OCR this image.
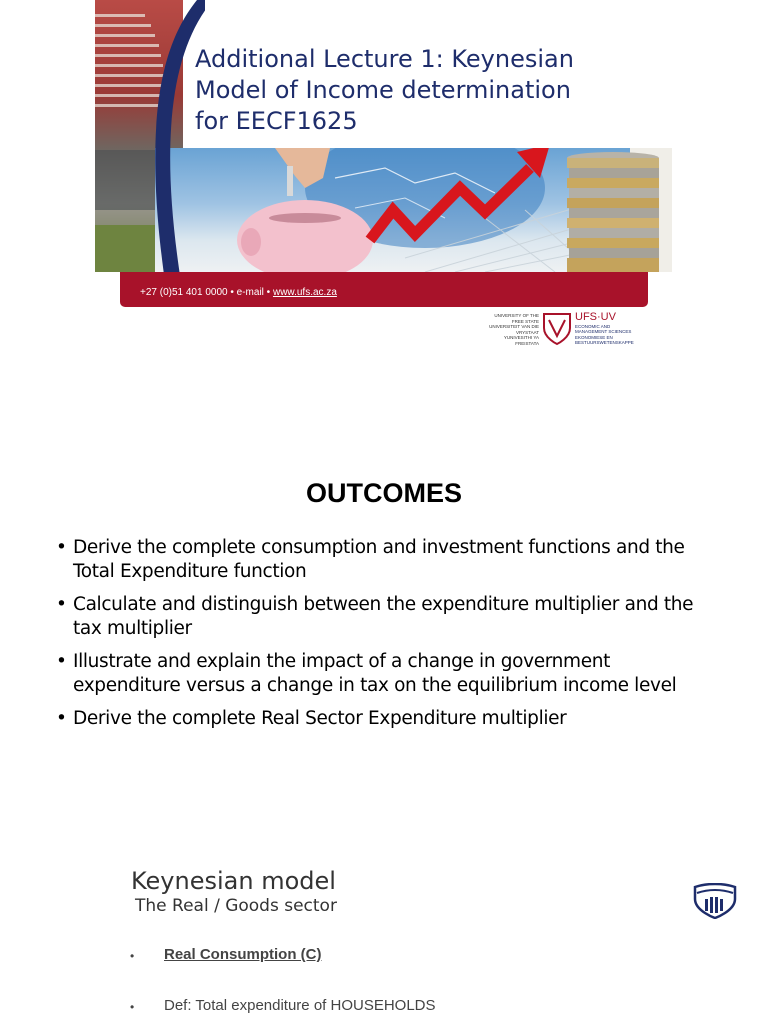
Additional Lecture 1: Keynesian
Model of Income determination
for EECF1625
+27 (0)51 401 0000 • e-mail • www.ufs.ac.za
UNIVERSITY OF THE
FREE STATE
UNIVERSITEIT VAN DIE
VRYSTAAT
YUNIVESITHI YA
FREISTATA
UFS·UV
ECONOMIC AND
MANAGEMENT SCIENCES
EKONOMIESE EN
BESTUURSWETENSKAPPE
OUTCOMES
• Derive the complete consumption and investment functions and the
Total Expenditure function
• Calculate and distinguish between the expenditure multiplier and the
tax multiplier
• Illustrate and explain the impact of a change in government
expenditure versus a change in tax on the equilibrium income level
• Derive the complete Real Sector Expenditure multiplier
Keynesian model
The Real / Goods sector
• Real Consumption (C)
• Def: Total expenditure of HOUSEHOLDS
